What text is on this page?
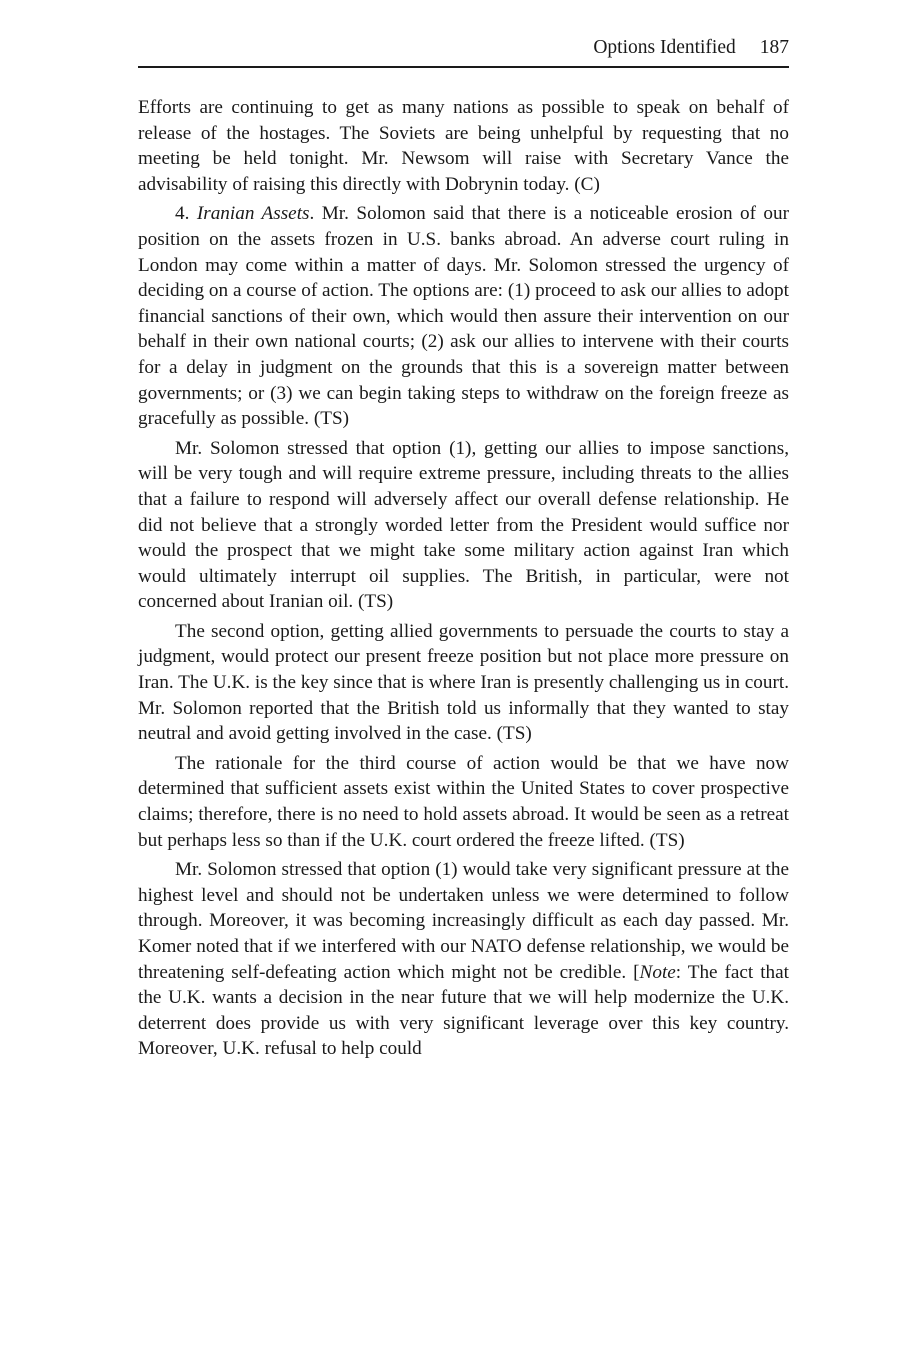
Options Identified 187

Efforts are continuing to get as many nations as possible to speak on behalf of release of the hostages. The Soviets are being unhelpful by requesting that no meeting be held tonight. Mr. Newsom will raise with Secretary Vance the advisability of raising this directly with Dobrynin today. (C)

4. Iranian Assets. Mr. Solomon said that there is a noticeable erosion of our position on the assets frozen in U.S. banks abroad. An adverse court ruling in London may come within a matter of days. Mr. Solomon stressed the urgency of deciding on a course of action. The options are: (1) proceed to ask our allies to adopt financial sanctions of their own, which would then assure their intervention on our behalf in their own national courts; (2) ask our allies to intervene with their courts for a delay in judgment on the grounds that this is a sovereign matter between governments; or (3) we can begin taking steps to withdraw on the foreign freeze as gracefully as possible. (TS)

Mr. Solomon stressed that option (1), getting our allies to impose sanctions, will be very tough and will require extreme pressure, including threats to the allies that a failure to respond will adversely affect our overall defense relationship. He did not believe that a strongly worded letter from the President would suffice nor would the prospect that we might take some military action against Iran which would ultimately interrupt oil supplies. The British, in particular, were not concerned about Iranian oil. (TS)

The second option, getting allied governments to persuade the courts to stay a judgment, would protect our present freeze position but not place more pressure on Iran. The U.K. is the key since that is where Iran is presently challenging us in court. Mr. Solomon reported that the British told us informally that they wanted to stay neutral and avoid getting involved in the case. (TS)

The rationale for the third course of action would be that we have now determined that sufficient assets exist within the United States to cover prospective claims; therefore, there is no need to hold assets abroad. It would be seen as a retreat but perhaps less so than if the U.K. court ordered the freeze lifted. (TS)

Mr. Solomon stressed that option (1) would take very significant pressure at the highest level and should not be undertaken unless we were determined to follow through. Moreover, it was becoming increasingly difficult as each day passed. Mr. Komer noted that if we interfered with our NATO defense relationship, we would be threatening self-defeating action which might not be credible. [Note: The fact that the U.K. wants a decision in the near future that we will help modernize the U.K. deterrent does provide us with very significant leverage over this key country. Moreover, U.K. refusal to help could
